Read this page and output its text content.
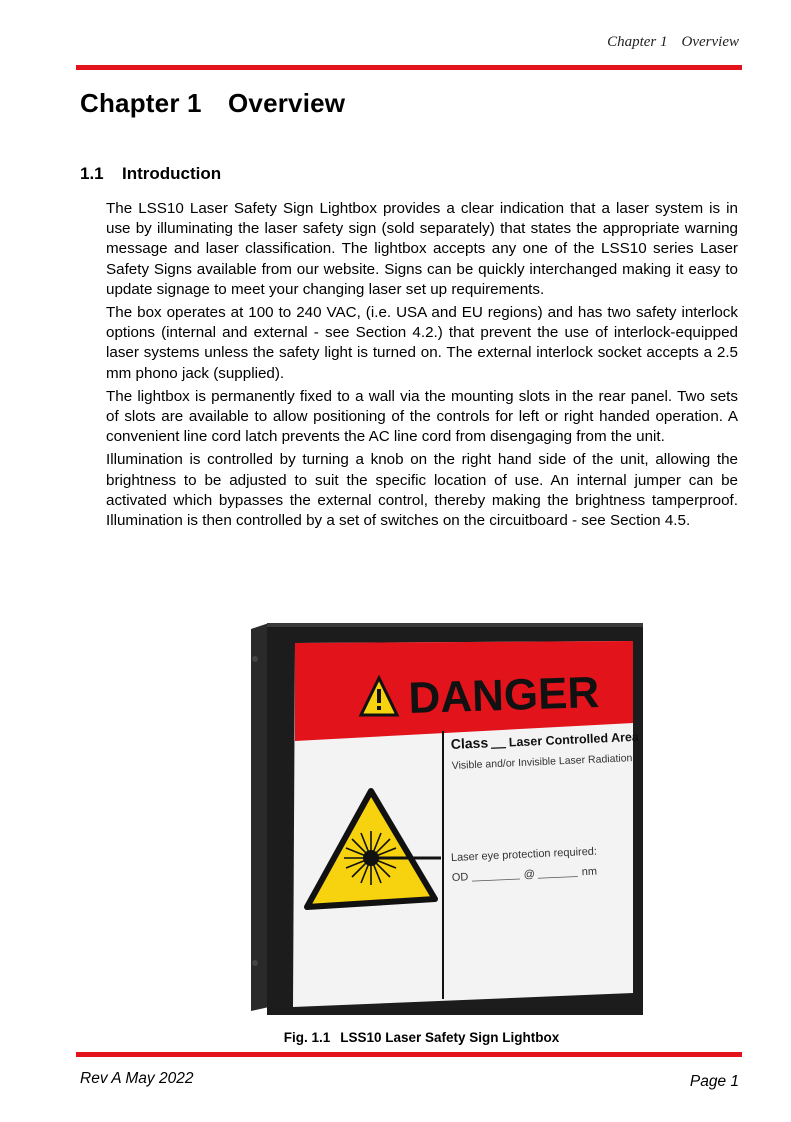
Chapter 1 Overview
Chapter 1 Overview
1.1 Introduction

The LSS10 Laser Safety Sign Lightbox provides a clear indication that a laser system is in use by illuminating the laser safety sign (sold separately) that states the appropriate warning message and laser classification. The lightbox accepts any one of the LSS10 series Laser Safety Signs available from our website. Signs can be quickly interchanged making it easy to update signage to meet your changing laser set up requirements.

The box operates at 100 to 240 VAC, (i.e. USA and EU regions) and has two safety interlock options (internal and external - see Section 4.2.) that prevent the use of interlock-equipped laser systems unless the safety light is turned on. The external interlock socket accepts a 2.5 mm phono jack (supplied).

The lightbox is permanently fixed to a wall via the mounting slots in the rear panel. Two sets of slots are available to allow positioning of the controls for left or right handed operation. A convenient line cord latch prevents the AC line cord from disengaging from the unit.

Illumination is controlled by turning a knob on the right hand side of the unit, allowing the brightness to be adjusted to suit the specific location of use. An internal jumper can be activated which bypasses the external control, thereby making the brightness tamperproof. Illumination is then controlled by a set of switches on the circuitboard - see Section 4.5.

DANGER
Class Laser Controlled Area
Visible and/or Invisible Laser Radiation
Laser eye protection required:
OD	@	nm
Fig. 1.1 LSS10 Laser Safety Sign Lightbox
Rev A May 2022	Page 1
